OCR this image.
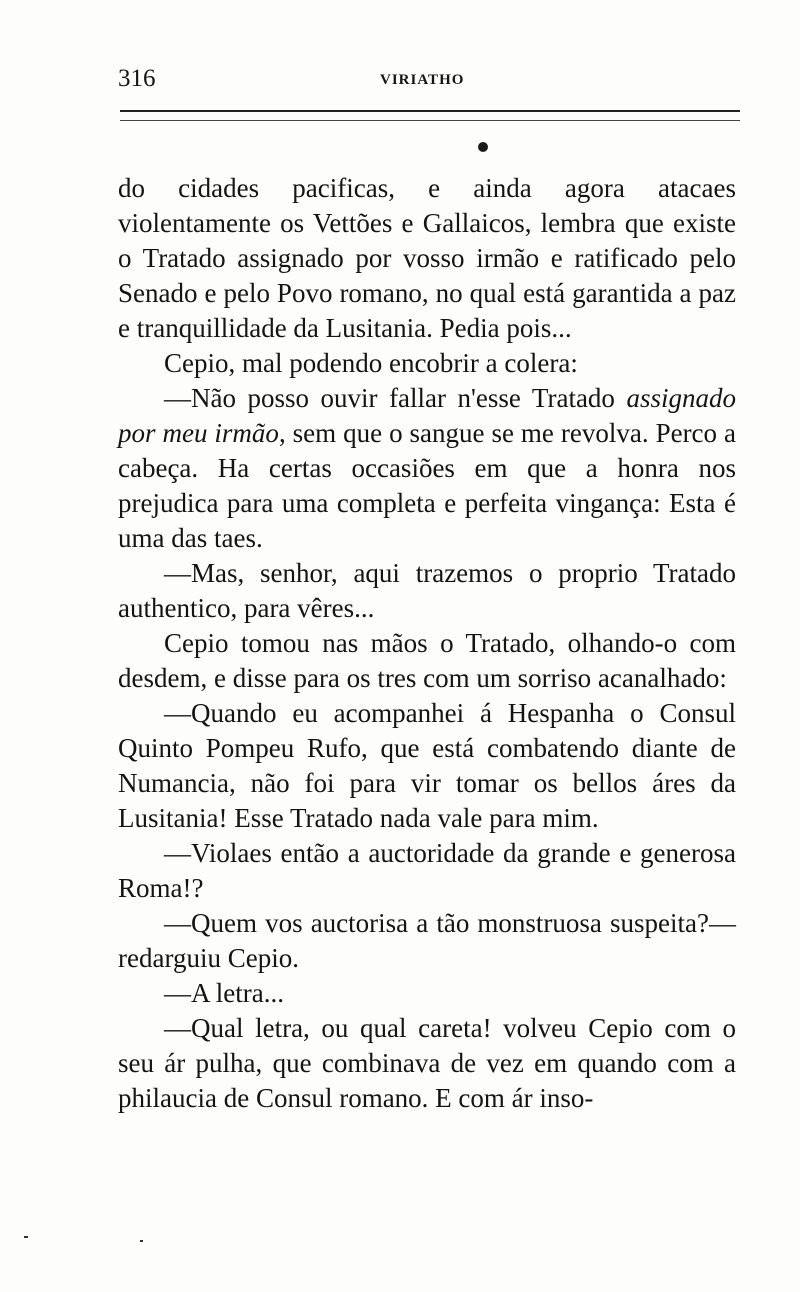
316	VIRIATHO

do cidades pacificas, e ainda agora atacaes violentamente os Vettões e Gallaicos, lembra que existe o Tratado assignado por vosso irmão e ratificado pelo Senado e pelo Povo romano, no qual está garantida a paz e tranquillidade da Lusitania. Pedia pois...

Cepio, mal podendo encobrir a colera:

—Não posso ouvir fallar n'esse Tratado assignado por meu irmão, sem que o sangue se me revolva. Perco a cabeça. Ha certas occasiões em que a honra nos prejudica para uma completa e perfeita vingança: Esta é uma das taes.

—Mas, senhor, aqui trazemos o proprio Tratado authentico, para vêres...

Cepio tomou nas mãos o Tratado, olhando-o com desdem, e disse para os tres com um sorriso acanalhado:

—Quando eu acompanhei á Hespanha o Consul Quinto Pompeu Rufo, que está combatendo diante de Numancia, não foi para vir tomar os bellos áres da Lusitania! Esse Tratado nada vale para mim.

—Violaes então a auctoridade da grande e generosa Roma!?

—Quem vos auctorisa a tão monstruosa suspeita?—redarguiu Cepio.

—A letra...

—Qual letra, ou qual careta! volveu Cepio com o seu ár pulha, que combinava de vez em quando com a philaucia de Consul romano. E com ár inso-
